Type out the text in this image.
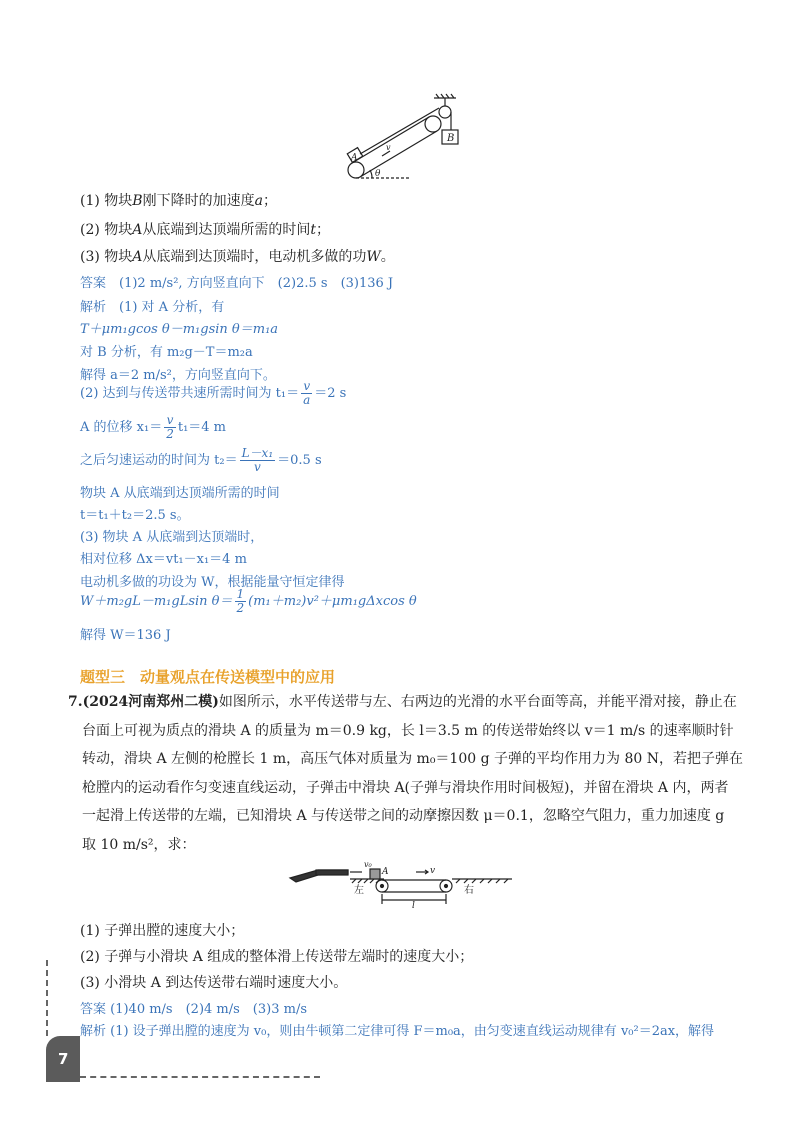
A
B
v
θ
(1) 物块B刚下降时的加速度a；
(2) 物块A从底端到达顶端所需的时间t；
(3) 物块A从底端到达顶端时，电动机多做的功W。
答案　(1)2 m/s², 方向竖直向下　(2)2.5 s　(3)136 J
解析　(1) 对 A 分析，有
T＋μm₁gcos θ－m₁gsin θ＝m₁a
对 B 分析，有 m₂g－T＝m₂a
解得 a＝2 m/s²，方向竖直向下。
(2) 达到与传送带共速所需时间为 $t_1= \frac{v}{a} =2$ s
A 的位移 $x_1= \frac{v}{2} t_1=4$ m
之后匀速运动的时间为 $t_2= \frac{\text{L－x₁}}{v} =0.5$ s
物块 A 从底端到达顶端所需的时间
t＝t₁＋t₂＝2.5 s。
(3) 物块 A 从底端到达顶端时，
相对位移 Δx＝vt₁－x₁＝4 m
电动机多做的功设为 W，根据能量守恒定律得
W＋m₂gL－m₁gLsin $\theta= \frac{1}{2} (m_1+m_2)v^2+\mu m_1g\Delta xcos$ θ
解得 W＝136 J
题型三　动量观点在传送模型中的应用
7.(2024河南郑州二模)如图所示，水平传送带与左、右两边的光滑的水平台面等高，并能平滑对接，静止在
台面上可视为质点的滑块 A 的质量为 m＝0.9 kg，长 l＝3.5 m 的传送带始终以 v＝1 m/s 的速率顺时针
转动，滑块 A 左侧的枪膛长 1 m，高压气体对质量为 m₀＝100 g 子弹的平均作用力为 80 N，若把子弹在
枪膛内的运动看作匀变速直线运动，子弹击中滑块 A(子弹与滑块作用时间极短)，并留在滑块 A 内，两者
一起滑上传送带的左端，已知滑块 A 与传送带之间的动摩擦因数 μ＝0.1，忽略空气阻力，重力加速度 g
取 10 m/s²，求：
v₀
A	v
左	右
l
(1) 子弹出膛的速度大小；
(2) 子弹与小滑块 A 组成的整体滑上传送带左端时的速度大小；
(3) 小滑块 A 到达传送带右端时速度大小。
答案 (1)40 m/s　(2)4 m/s　(3)3 m/s
解析 (1) 设子弹出膛的速度为 v₀，则由牛顿第二定律可得 F＝m₀a，由匀变速直线运动规律有 v₀²＝2ax，解得
7
